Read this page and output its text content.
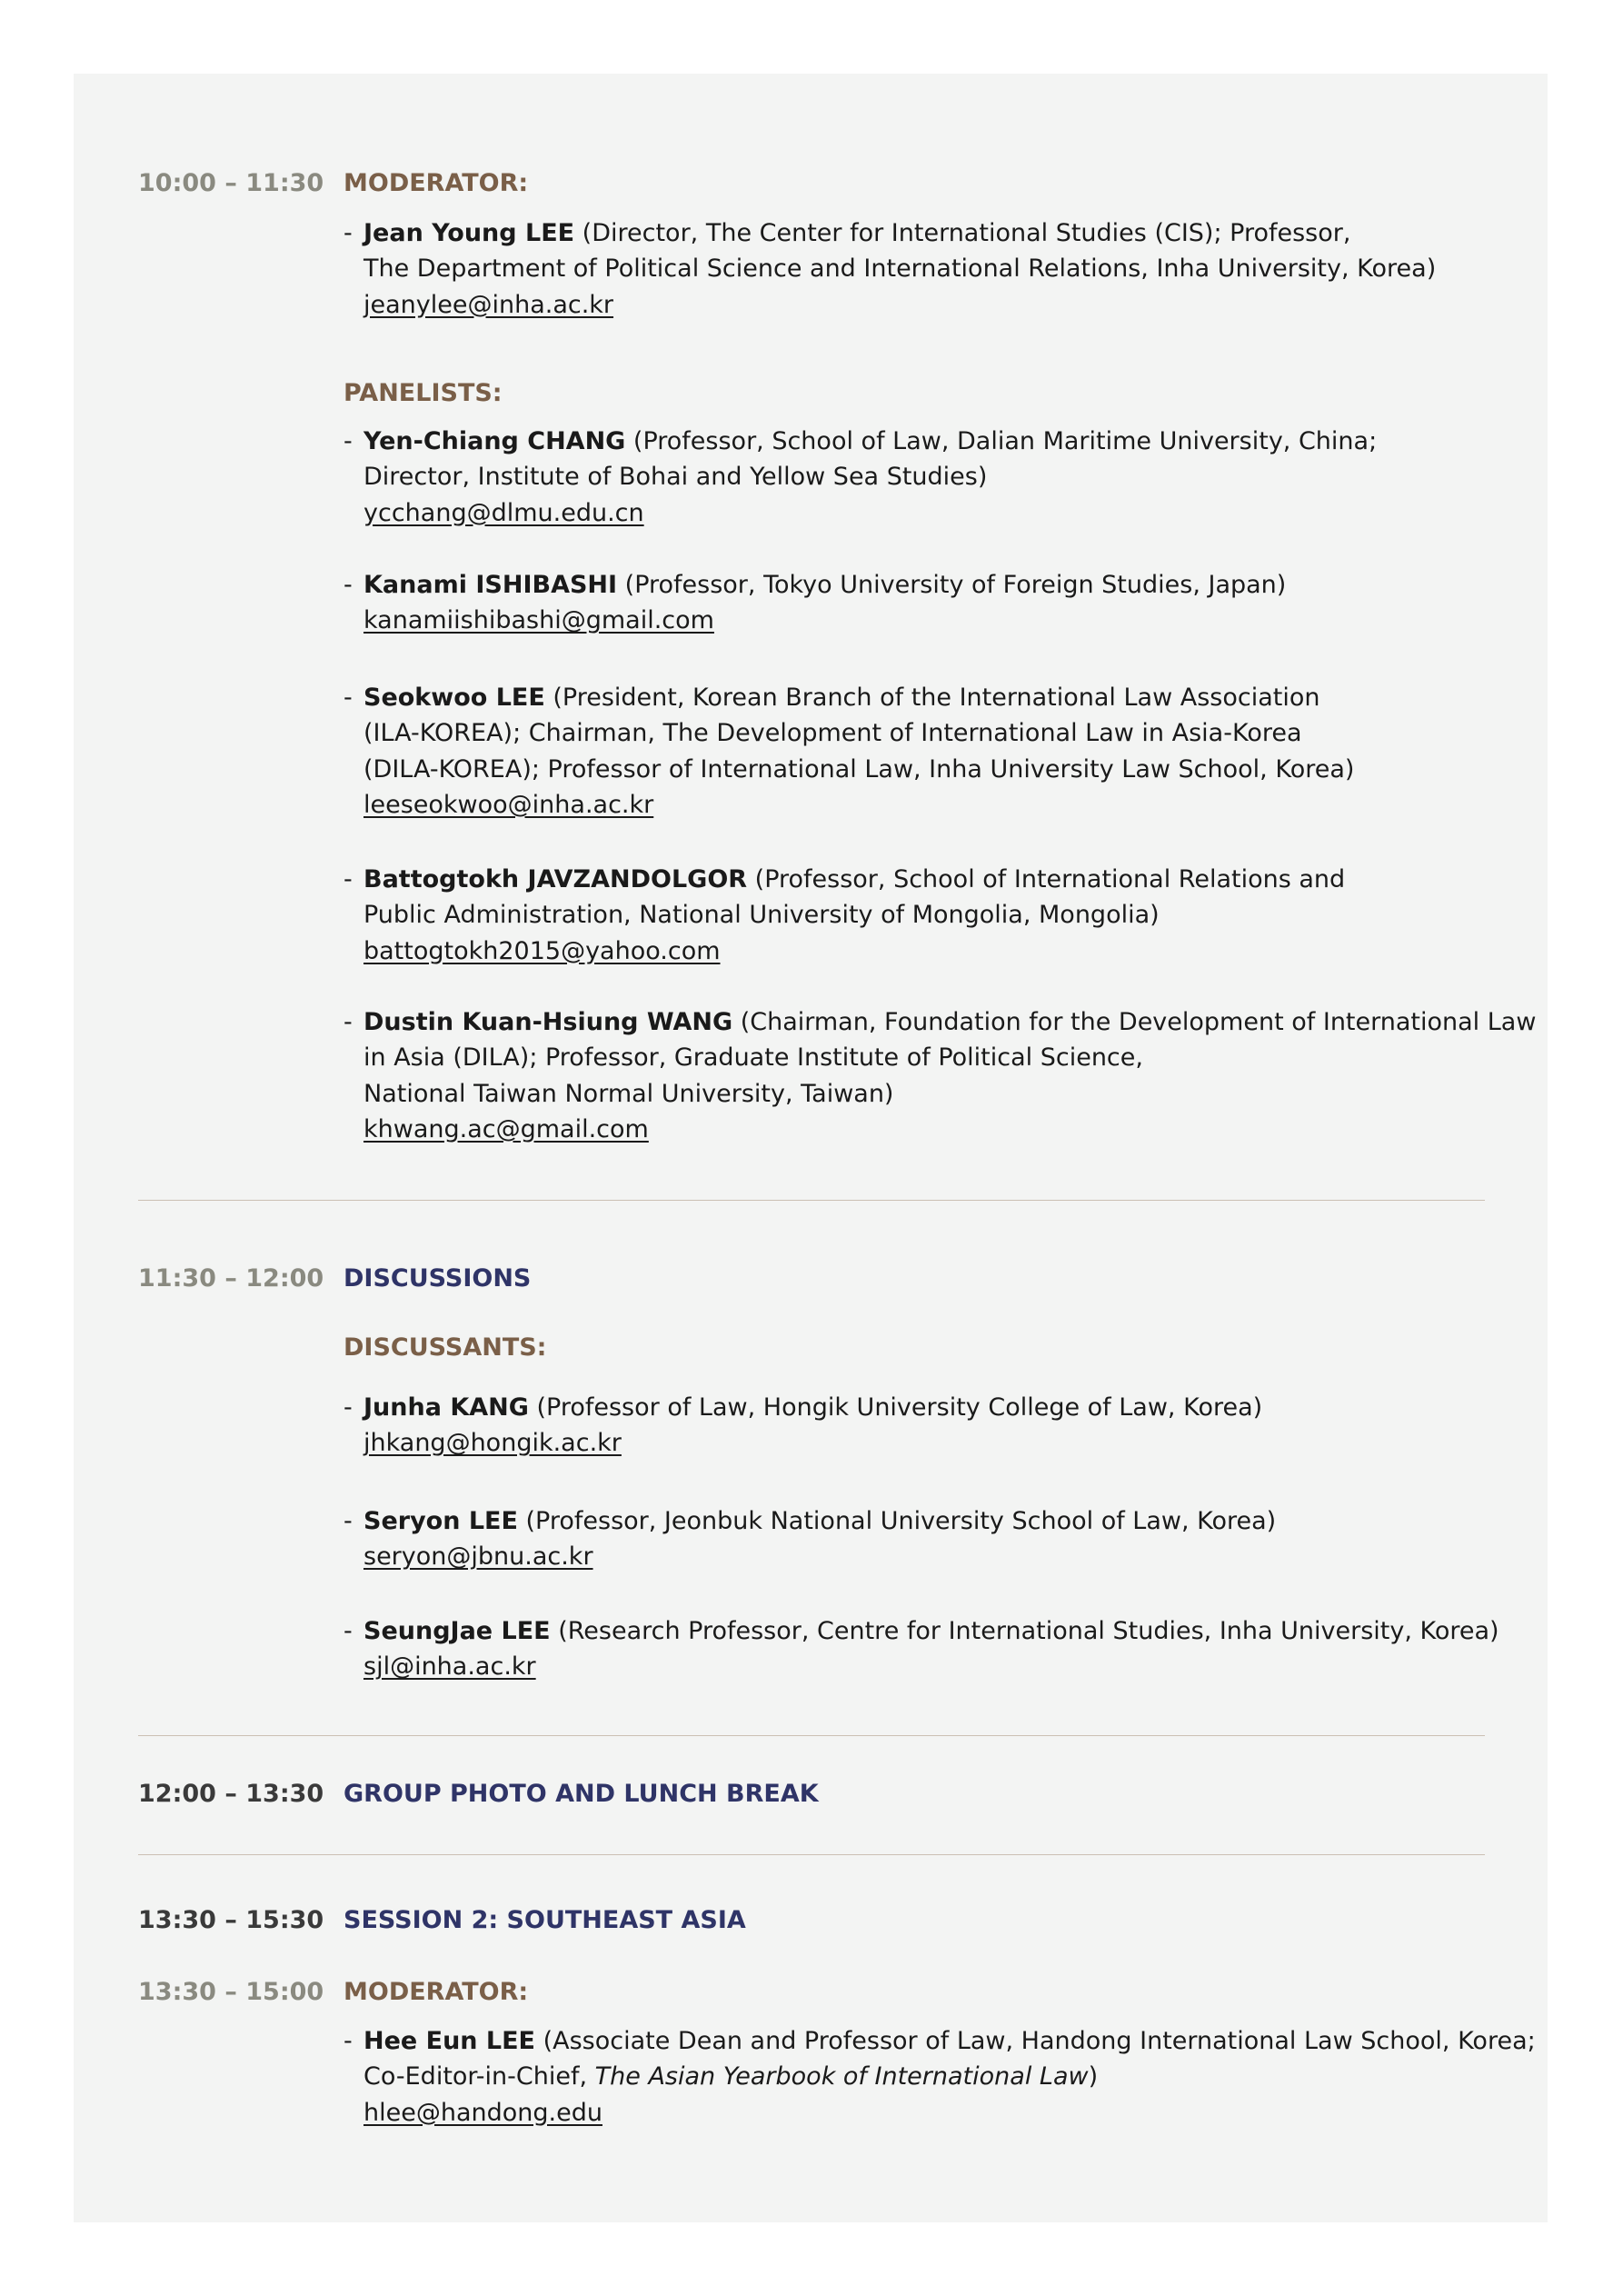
10:00 – 11:30 MODERATOR:
- Jean Young LEE (Director, The Center for International Studies (CIS); Professor,
The Department of Political Science and International Relations, Inha University, Korea)
jeanylee@inha.ac.kr
PANELISTS:
- Yen-Chiang CHANG (Professor, School of Law, Dalian Maritime University, China;
Director, Institute of Bohai and Yellow Sea Studies)
ycchang@dlmu.edu.cn
- Kanami ISHIBASHI (Professor, Tokyo University of Foreign Studies, Japan)
kanamiishibashi@gmail.com
- Seokwoo LEE (President, Korean Branch of the International Law Association
(ILA-KOREA); Chairman, The Development of International Law in Asia-Korea
(DILA-KOREA); Professor of International Law, Inha University Law School, Korea)
leeseokwoo@inha.ac.kr
- Battogtokh JAVZANDOLGOR (Professor, School of International Relations and
Public Administration, National University of Mongolia, Mongolia)
battogtokh2015@yahoo.com
- Dustin Kuan-Hsiung WANG (Chairman, Foundation for the Development of International Law
in Asia (DILA); Professor, Graduate Institute of Political Science,
National Taiwan Normal University, Taiwan)
khwang.ac@gmail.com
11:30 – 12:00 DISCUSSIONS
DISCUSSANTS:
- Junha KANG (Professor of Law, Hongik University College of Law, Korea)
jhkang@hongik.ac.kr
- Seryon LEE (Professor, Jeonbuk National University School of Law, Korea)
seryon@jbnu.ac.kr
- SeungJae LEE (Research Professor, Centre for International Studies, Inha University, Korea)
sjl@inha.ac.kr
12:00 – 13:30 GROUP PHOTO AND LUNCH BREAK
13:30 – 15:30 SESSION 2: SOUTHEAST ASIA
13:30 – 15:00 MODERATOR:
- Hee Eun LEE (Associate Dean and Professor of Law, Handong International Law School, Korea;
Co-Editor-in-Chief, The Asian Yearbook of International Law)
hlee@handong.edu
